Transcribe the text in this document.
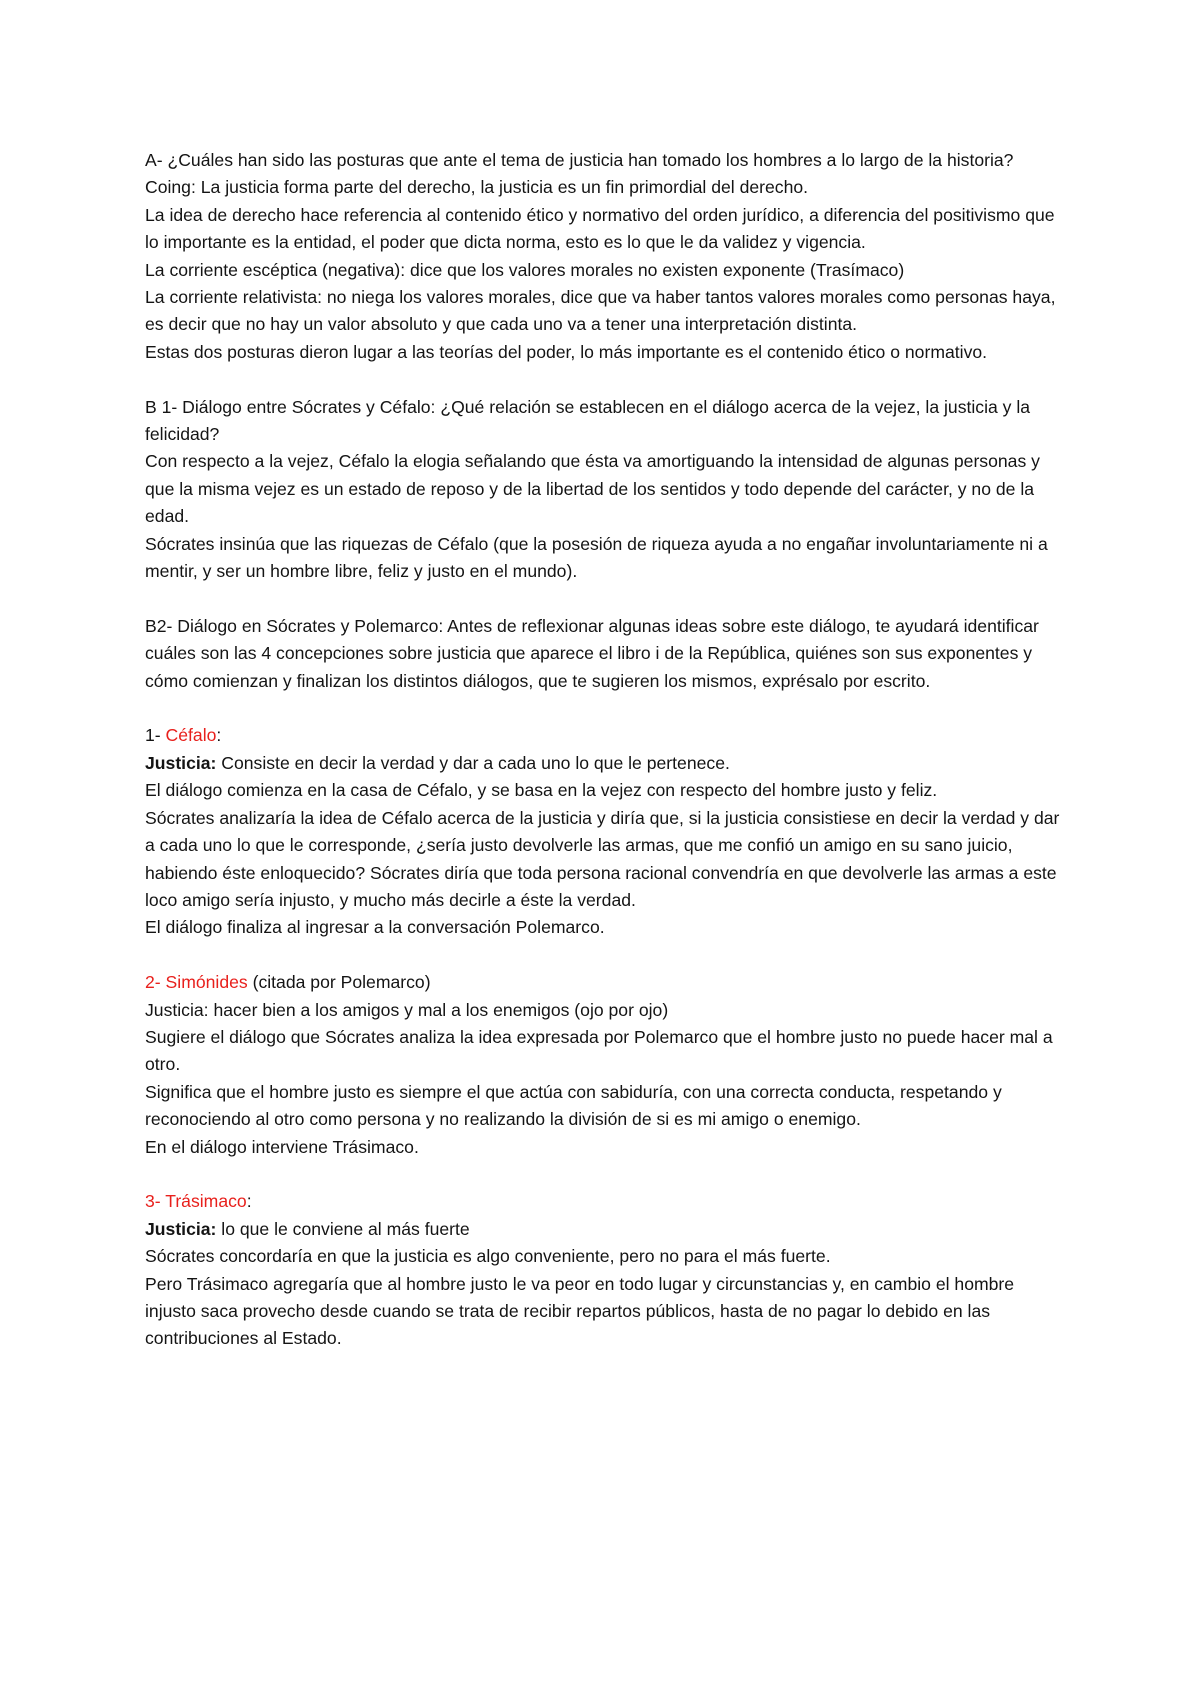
A- ¿Cuáles han sido las posturas que ante el tema de justicia han tomado los hombres a lo largo de la historia?

Coing: La justicia forma parte del derecho, la justicia es un fin primordial del derecho.

La idea de derecho hace referencia al contenido ético y normativo del orden jurídico, a diferencia del positivismo que lo importante es la entidad, el poder que dicta norma, esto es lo que le da validez y vigencia.

La corriente escéptica (negativa): dice que los valores morales no existen exponente (Trasímaco)

La corriente relativista: no niega los valores morales, dice que va haber tantos valores morales como personas haya, es decir que no hay un valor absoluto y que cada uno va a tener una interpretación distinta.

Estas dos posturas dieron lugar a las teorías del poder, lo más importante es el contenido ético o normativo.

B 1- Diálogo entre Sócrates y Céfalo: ¿Qué relación se establecen en el diálogo acerca de la vejez, la justicia y la felicidad?

Con respecto a la vejez, Céfalo la elogia señalando que ésta va amortiguando la intensidad de algunas personas y que la misma vejez es un estado de reposo y de la libertad de los sentidos y todo depende del carácter, y no de la edad.

Sócrates insinúa que las riquezas de Céfalo (que la posesión de riqueza ayuda a no engañar involuntariamente ni a mentir, y ser un hombre libre, feliz y justo en el mundo).

B2- Diálogo en Sócrates y Polemarco: Antes de reflexionar algunas ideas sobre este diálogo, te ayudará identificar cuáles son las 4 concepciones sobre justicia que aparece el libro i de la República, quiénes son sus exponentes y cómo comienzan y finalizan los distintos diálogos, que te sugieren los mismos, exprésalo por escrito.

1- Céfalo:

Justicia: Consiste en decir la verdad y dar a cada uno lo que le pertenece.

El diálogo comienza en la casa de Céfalo, y se basa en la vejez con respecto del hombre justo y feliz.

Sócrates analizaría la idea de Céfalo acerca de la justicia y diría que, si la justicia consistiese en decir la verdad y dar a cada uno lo que le corresponde, ¿sería justo devolverle las armas, que me confió un amigo en su sano juicio, habiendo éste enloquecido? Sócrates diría que toda persona racional convendría en que devolverle las armas a este loco amigo sería injusto, y mucho más decirle a éste la verdad.

El diálogo finaliza al ingresar a la conversación Polemarco.

2- Simónides (citada por Polemarco)

Justicia: hacer bien a los amigos y mal a los enemigos (ojo por ojo)

Sugiere el diálogo que Sócrates analiza la idea expresada por Polemarco que el hombre justo no puede hacer mal a otro.

Significa que el hombre justo es siempre el que actúa con sabiduría, con una correcta conducta, respetando y reconociendo al otro como persona y no realizando la división de si es mi amigo o enemigo.

En el diálogo interviene Trásimaco.

3- Trásimaco:

Justicia: lo que le conviene al más fuerte

Sócrates concordaría en que la justicia es algo conveniente, pero no para el más fuerte.

Pero Trásimaco agregaría que al hombre justo le va peor en todo lugar y circunstancias y, en cambio el hombre injusto saca provecho desde cuando se trata de recibir repartos públicos, hasta de no pagar lo debido en las contribuciones al Estado.
